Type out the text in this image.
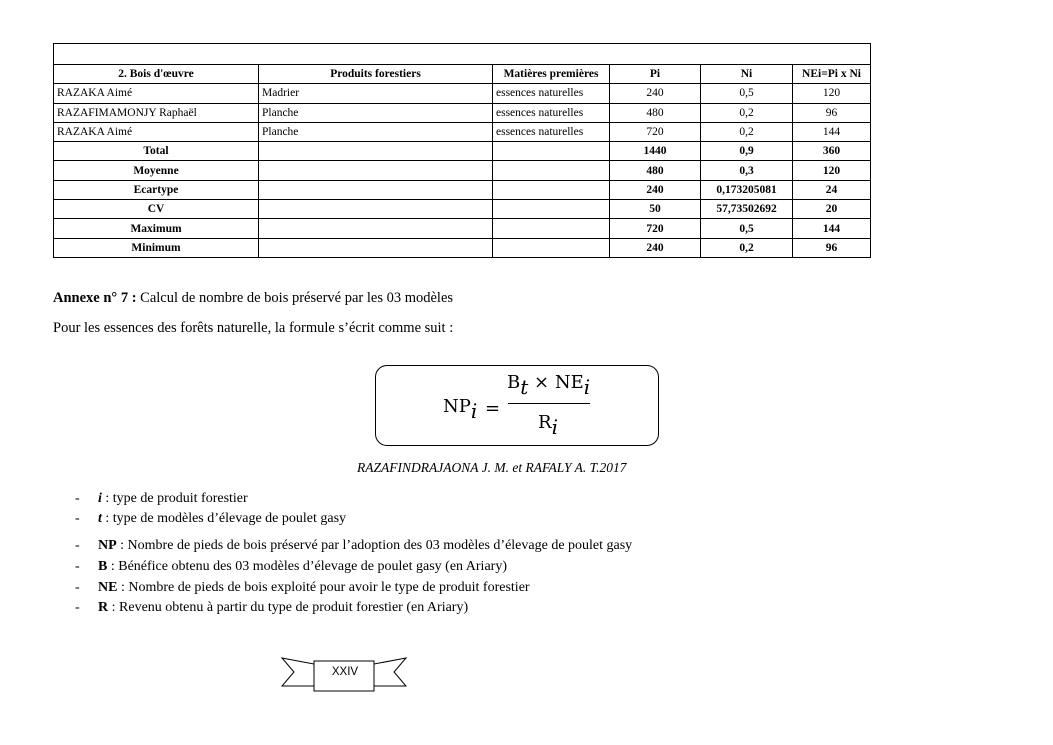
2. Bois d'œuvre	Produits forestiers	Matières premières	Pi	Ni	NEi=Pi x Ni
RAZAKA Aimé	Madrier	essences naturelles	240	0,5	120
RAZAFIMAMONJY Raphaël	Planche	essences naturelles	480	0,2	96
RAZAKA Aimé	Planche	essences naturelles	720	0,2	144
Total			1440	0,9	360
Moyenne			480	0,3	120
Ecartype			240	0,173205081	24
CV			50	57,73502692	20
Maximum			720	0,5	144
Minimum			240	0,2	96
Annexe n° 7 : Calcul de nombre de bois préservé par les 03 modèles
Pour les essences des forêts naturelle, la formule s’écrit comme suit :
$NP_i$ =
$B_t \times NE_i$
$R_i$
RAZAFINDRAJAONA J. M. et RAFALY A. T.2017
- i : type de produit forestier
- t : type de modèles d’élevage de poulet gasy
- NP : Nombre de pieds de bois préservé par l’adoption des 03 modèles d’élevage de poulet gasy
- B : Bénéfice obtenu des 03 modèles d’élevage de poulet gasy (en Ariary)
- NE : Nombre de pieds de bois exploité pour avoir le type de produit forestier
- R : Revenu obtenu à partir du type de produit forestier (en Ariary)
XXIV
